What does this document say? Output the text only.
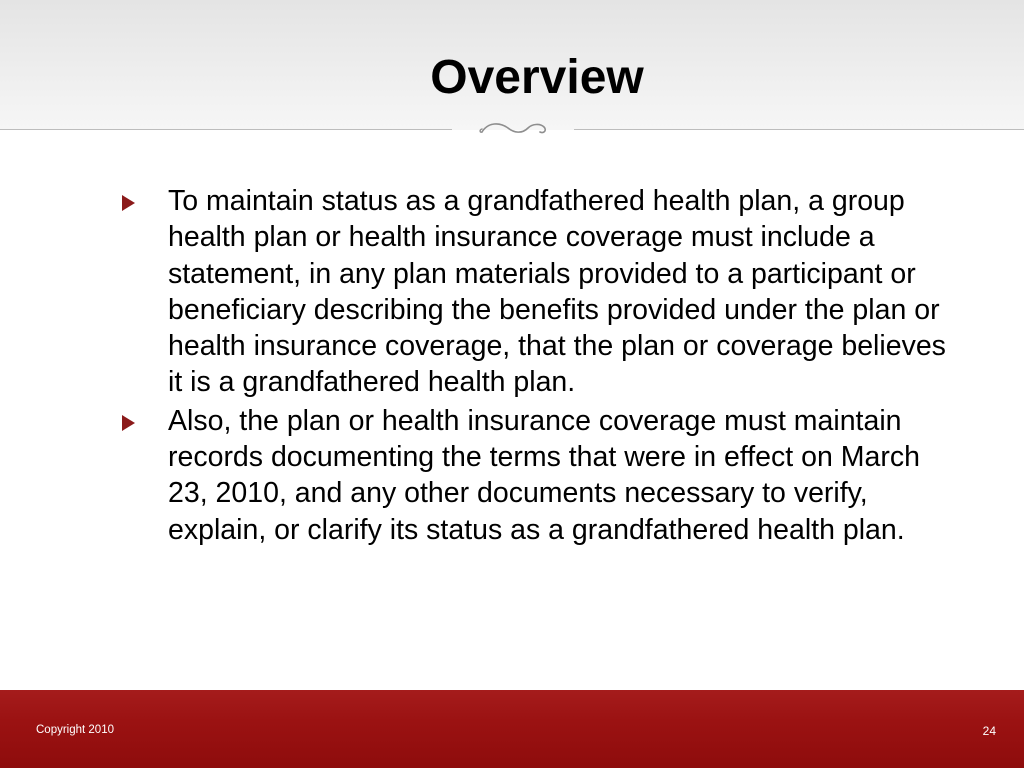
Overview
To maintain status as a grandfathered health plan, a group health plan or health insurance coverage must include a statement, in any plan materials provided to a participant or beneficiary describing the benefits provided under the plan or health insurance coverage, that the plan or coverage believes it is a grandfathered health plan.
Also, the plan or health insurance coverage must maintain records documenting the terms that were in effect on March 23, 2010, and any other documents necessary to verify, explain, or clarify its status as a grandfathered health plan.
Copyright 2010	24
